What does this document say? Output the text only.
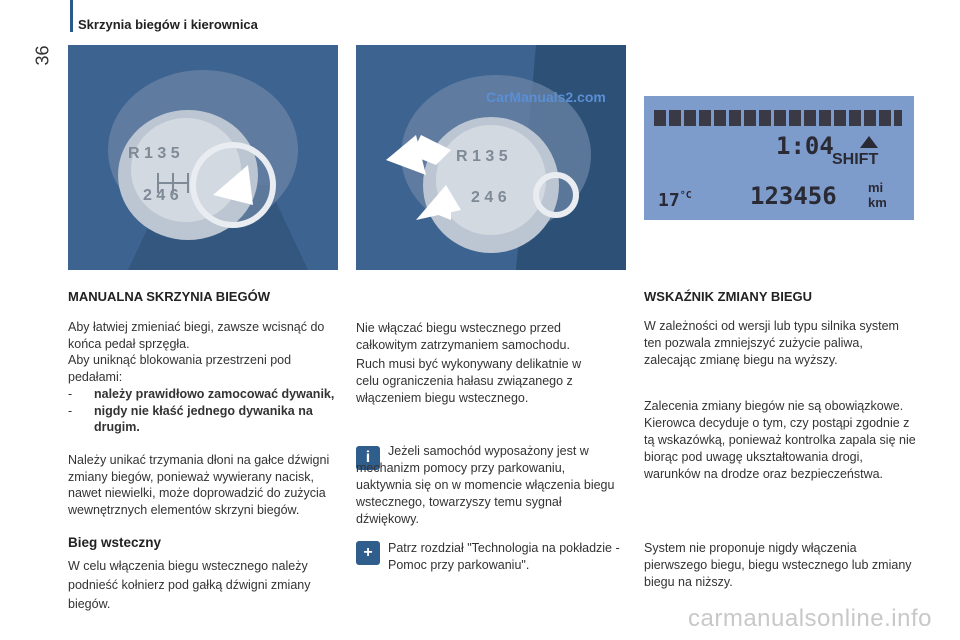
Skrzynia biegów i kierownica
36
R 1 3 5
2 4 6
CarManuals2.com
R 1 3 5
2 4 6
1:04
SHIFT
$17^{^\circ C}$ 123456 mi
km
MANUALNA SKRZYNIA BIEGÓW
Aby łatwiej zmieniać biegi, zawsze wcisnąć do końca pedał sprzęgła.
Aby uniknąć blokowania przestrzeni pod pedałami:
-	należy prawidłowo zamocować dywanik,
-	nigdy nie kłaść jednego dywanika na drugim.
Należy unikać trzymania dłoni na gałce dźwigni zmiany biegów, ponieważ wywierany nacisk, nawet niewielki, może doprowadzić do zużycia wewnętrznych elementów skrzyni biegów.
Bieg wsteczny
W celu włączenia biegu wstecznego należy podnieść kołnierz pod gałką dźwigni zmiany biegów.
Nie włączać biegu wstecznego przed całkowitym zatrzymaniem samochodu.
Ruch musi być wykonywany delikatnie w celu ograniczenia hałasu związanego z włączeniem biegu wstecznego.
i	Jeżeli samochód wyposażony jest w mechanizm pomocy przy parkowaniu, uaktywnia się on w momencie włączenia biegu wstecznego, towarzyszy temu sygnał dźwiękowy.
+ Patrz rozdział "Technologia na pokładzie - Pomoc przy parkowaniu".
WSKAŹNIK ZMIANY BIEGU
W zależności od wersji lub typu silnika system ten pozwala zmniejszyć zużycie paliwa, zalecając zmianę biegu na wyższy.
Zalecenia zmiany biegów nie są obowiązkowe. Kierowca decyduje o tym, czy postąpi zgodnie z tą wskazówką, ponieważ kontrolka zapala się nie biorąc pod uwagę ukształtowania drogi, warunków na drodze oraz bezpieczeństwa.
System nie proponuje nigdy włączenia pierwszego biegu, biegu wstecznego lub zmiany biegu na niższy.
carmanualsonline.info
